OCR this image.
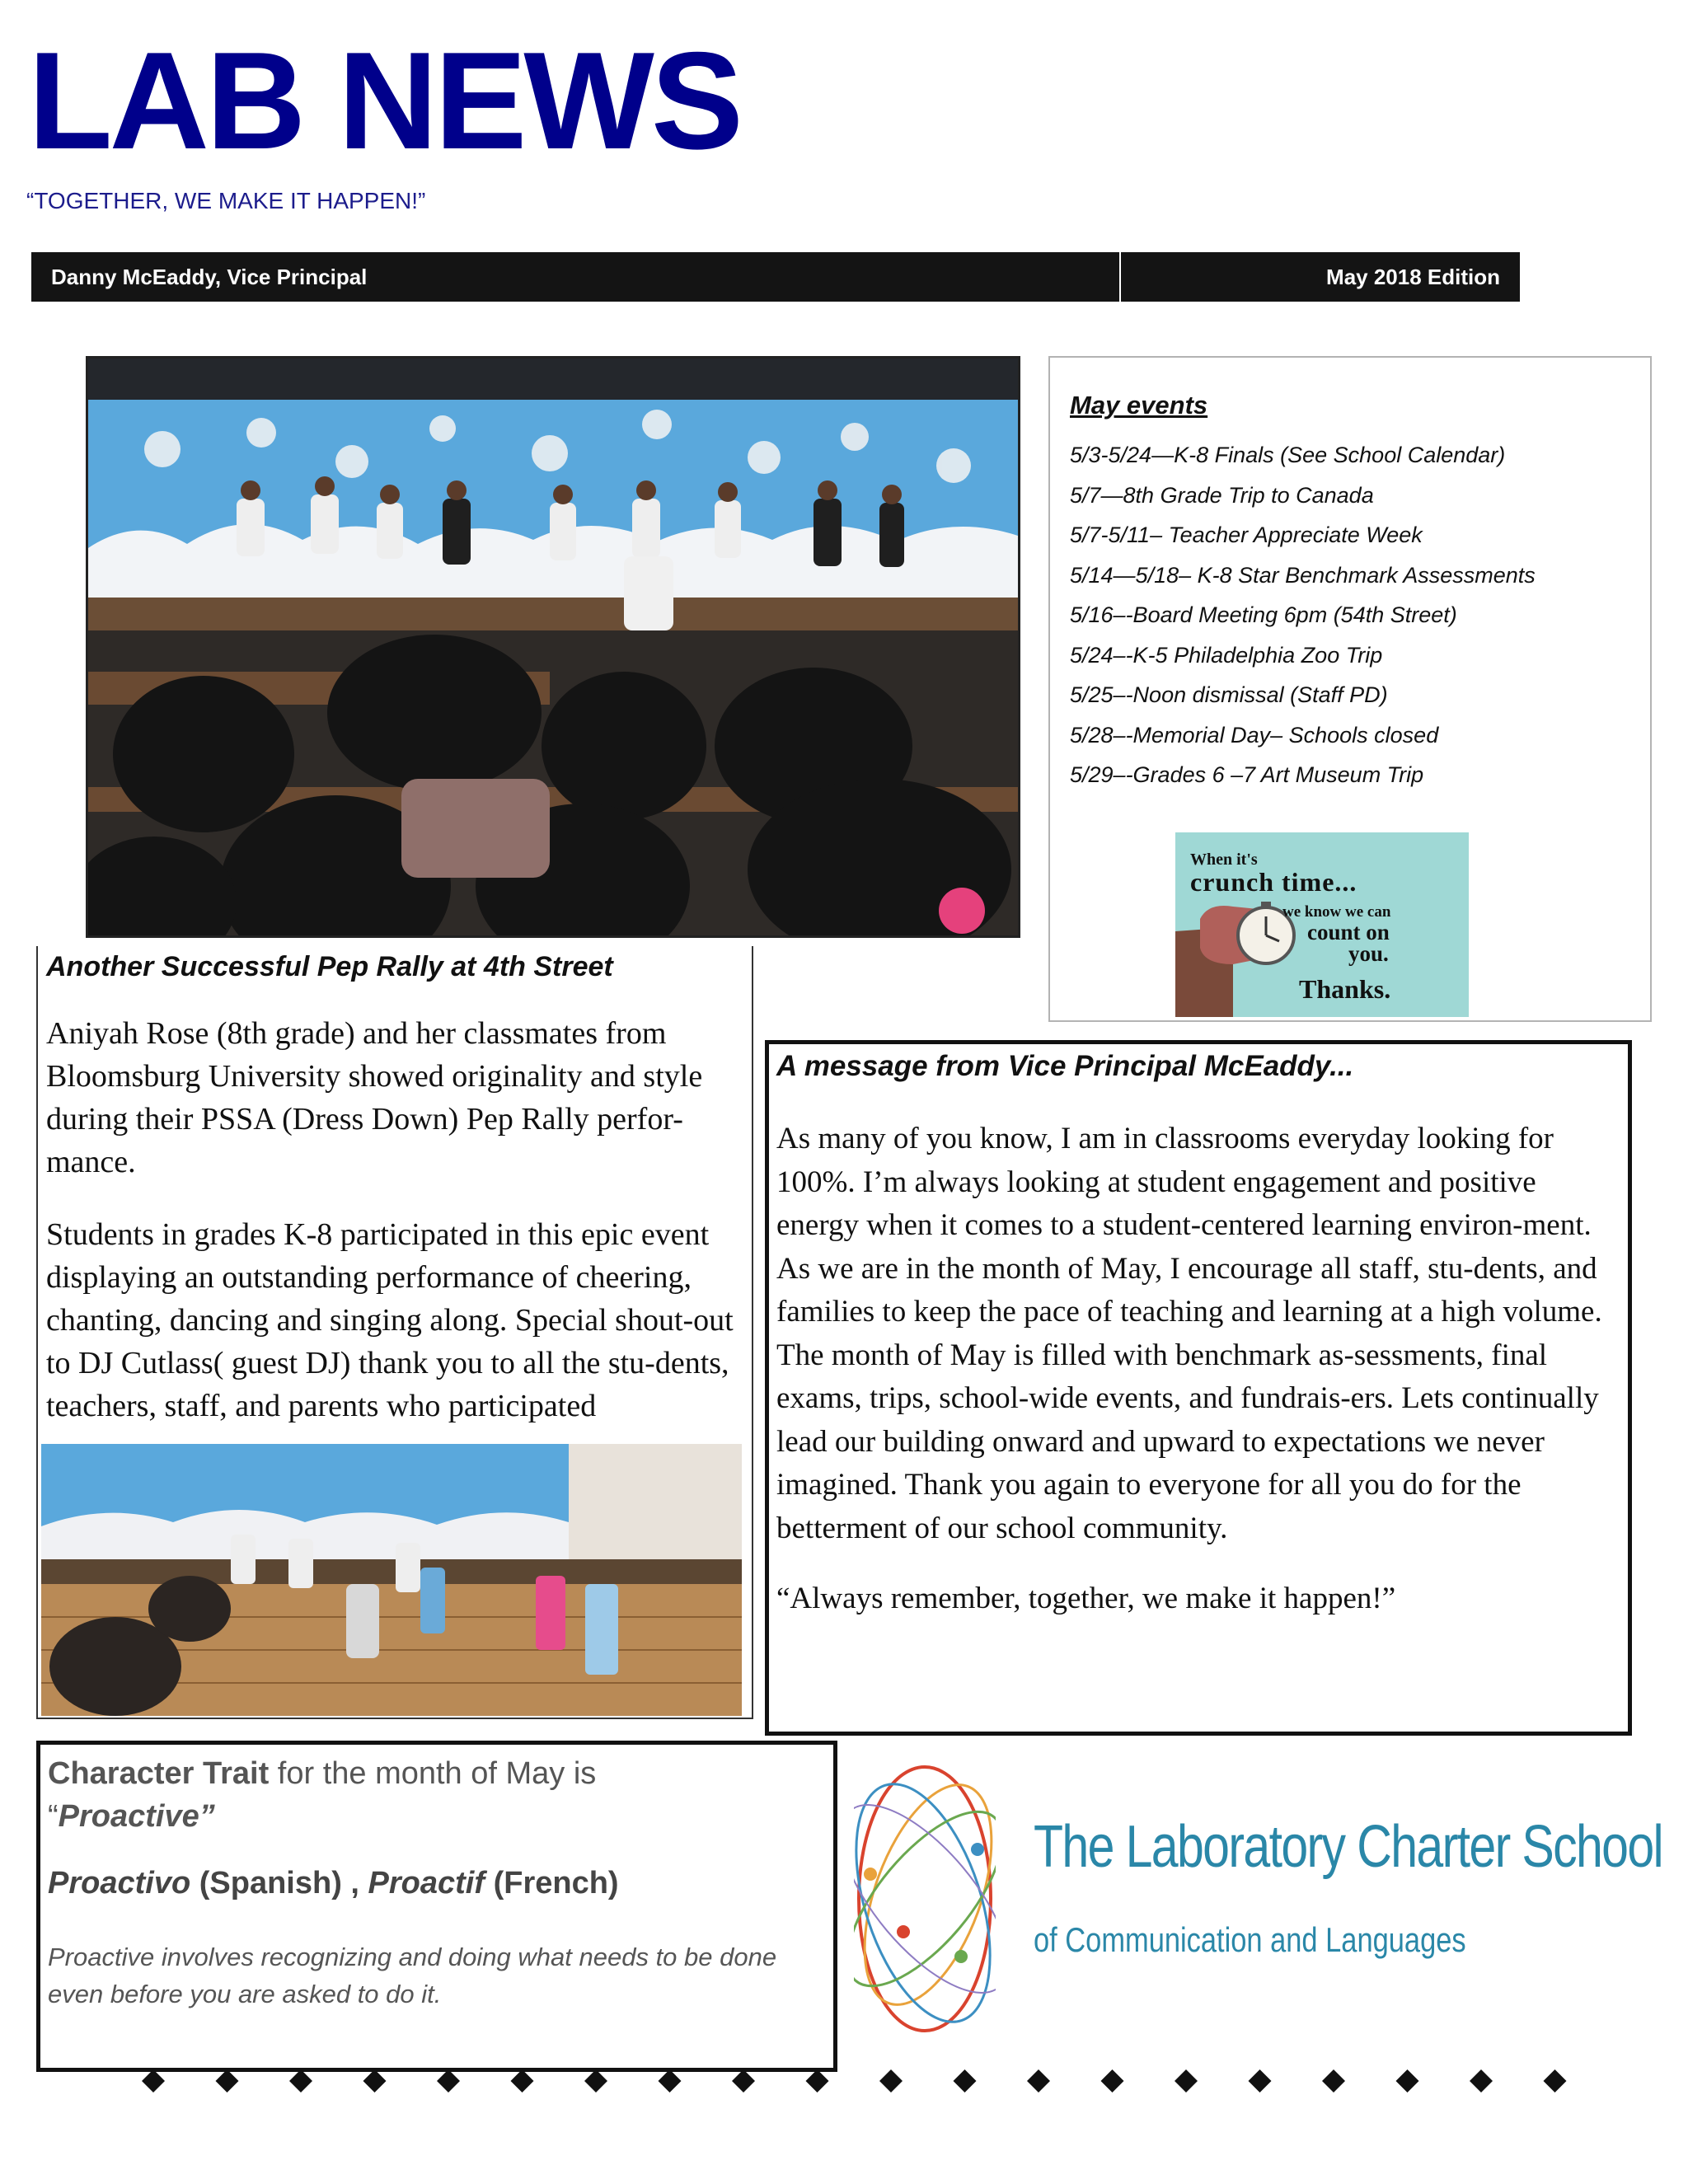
LAB NEWS
“TOGETHER, WE MAKE IT HAPPEN!”
Danny McEaddy, Vice Principal	May 2018 Edition
Another Successful Pep Rally at 4th Street
Aniyah Rose (8th grade) and her classmates from Bloomsburg University showed originality and style during their PSSA (Dress Down) Pep Rally perfor-mance.
Students in grades K-8 participated in this epic event displaying an outstanding performance of cheering, chanting, dancing and singing along. Special shout-out to DJ Cutlass( guest DJ) thank you to all the stu-dents, teachers, staff, and parents who participated
May events
5/3-5/24—K-8 Finals (See School Calendar)
5/7—8th Grade Trip to Canada
5/7-5/11– Teacher Appreciate Week
5/14—5/18– K-8 Star Benchmark Assessments
5/16–-Board Meeting 6pm (54th Street)
5/24–-K-5 Philadelphia Zoo Trip
5/25–-Noon dismissal (Staff PD)
5/28–-Memorial Day– Schools closed
5/29–-Grades 6 –7 Art Museum Trip
When it's
crunch time...
we know we can
count on
you.
Thanks.
A message from Vice Principal McEaddy...
As many of you know, I am in classrooms everyday looking for 100%. I’m always looking at student engagement and positive energy when it comes to a student-centered learning environ-ment. As we are in the month of May, I encourage all staff, stu-dents, and families to keep the pace of teaching and learning at a high volume. The month of May is filled with benchmark as-sessments, final exams, trips, school-wide events, and fundrais-ers. Lets continually lead our building onward and upward to expectations we never imagined. Thank you again to everyone for all you do for the betterment of our school community.
“Always remember, together, we make it happen!”
Character Trait for the month of May is
“Proactive”
Proactivo (Spanish) , Proactif (French)
Proactive involves recognizing and doing what needs to be done even before you are asked to do it.
The Laboratory Charter School
of Communication and Languages
